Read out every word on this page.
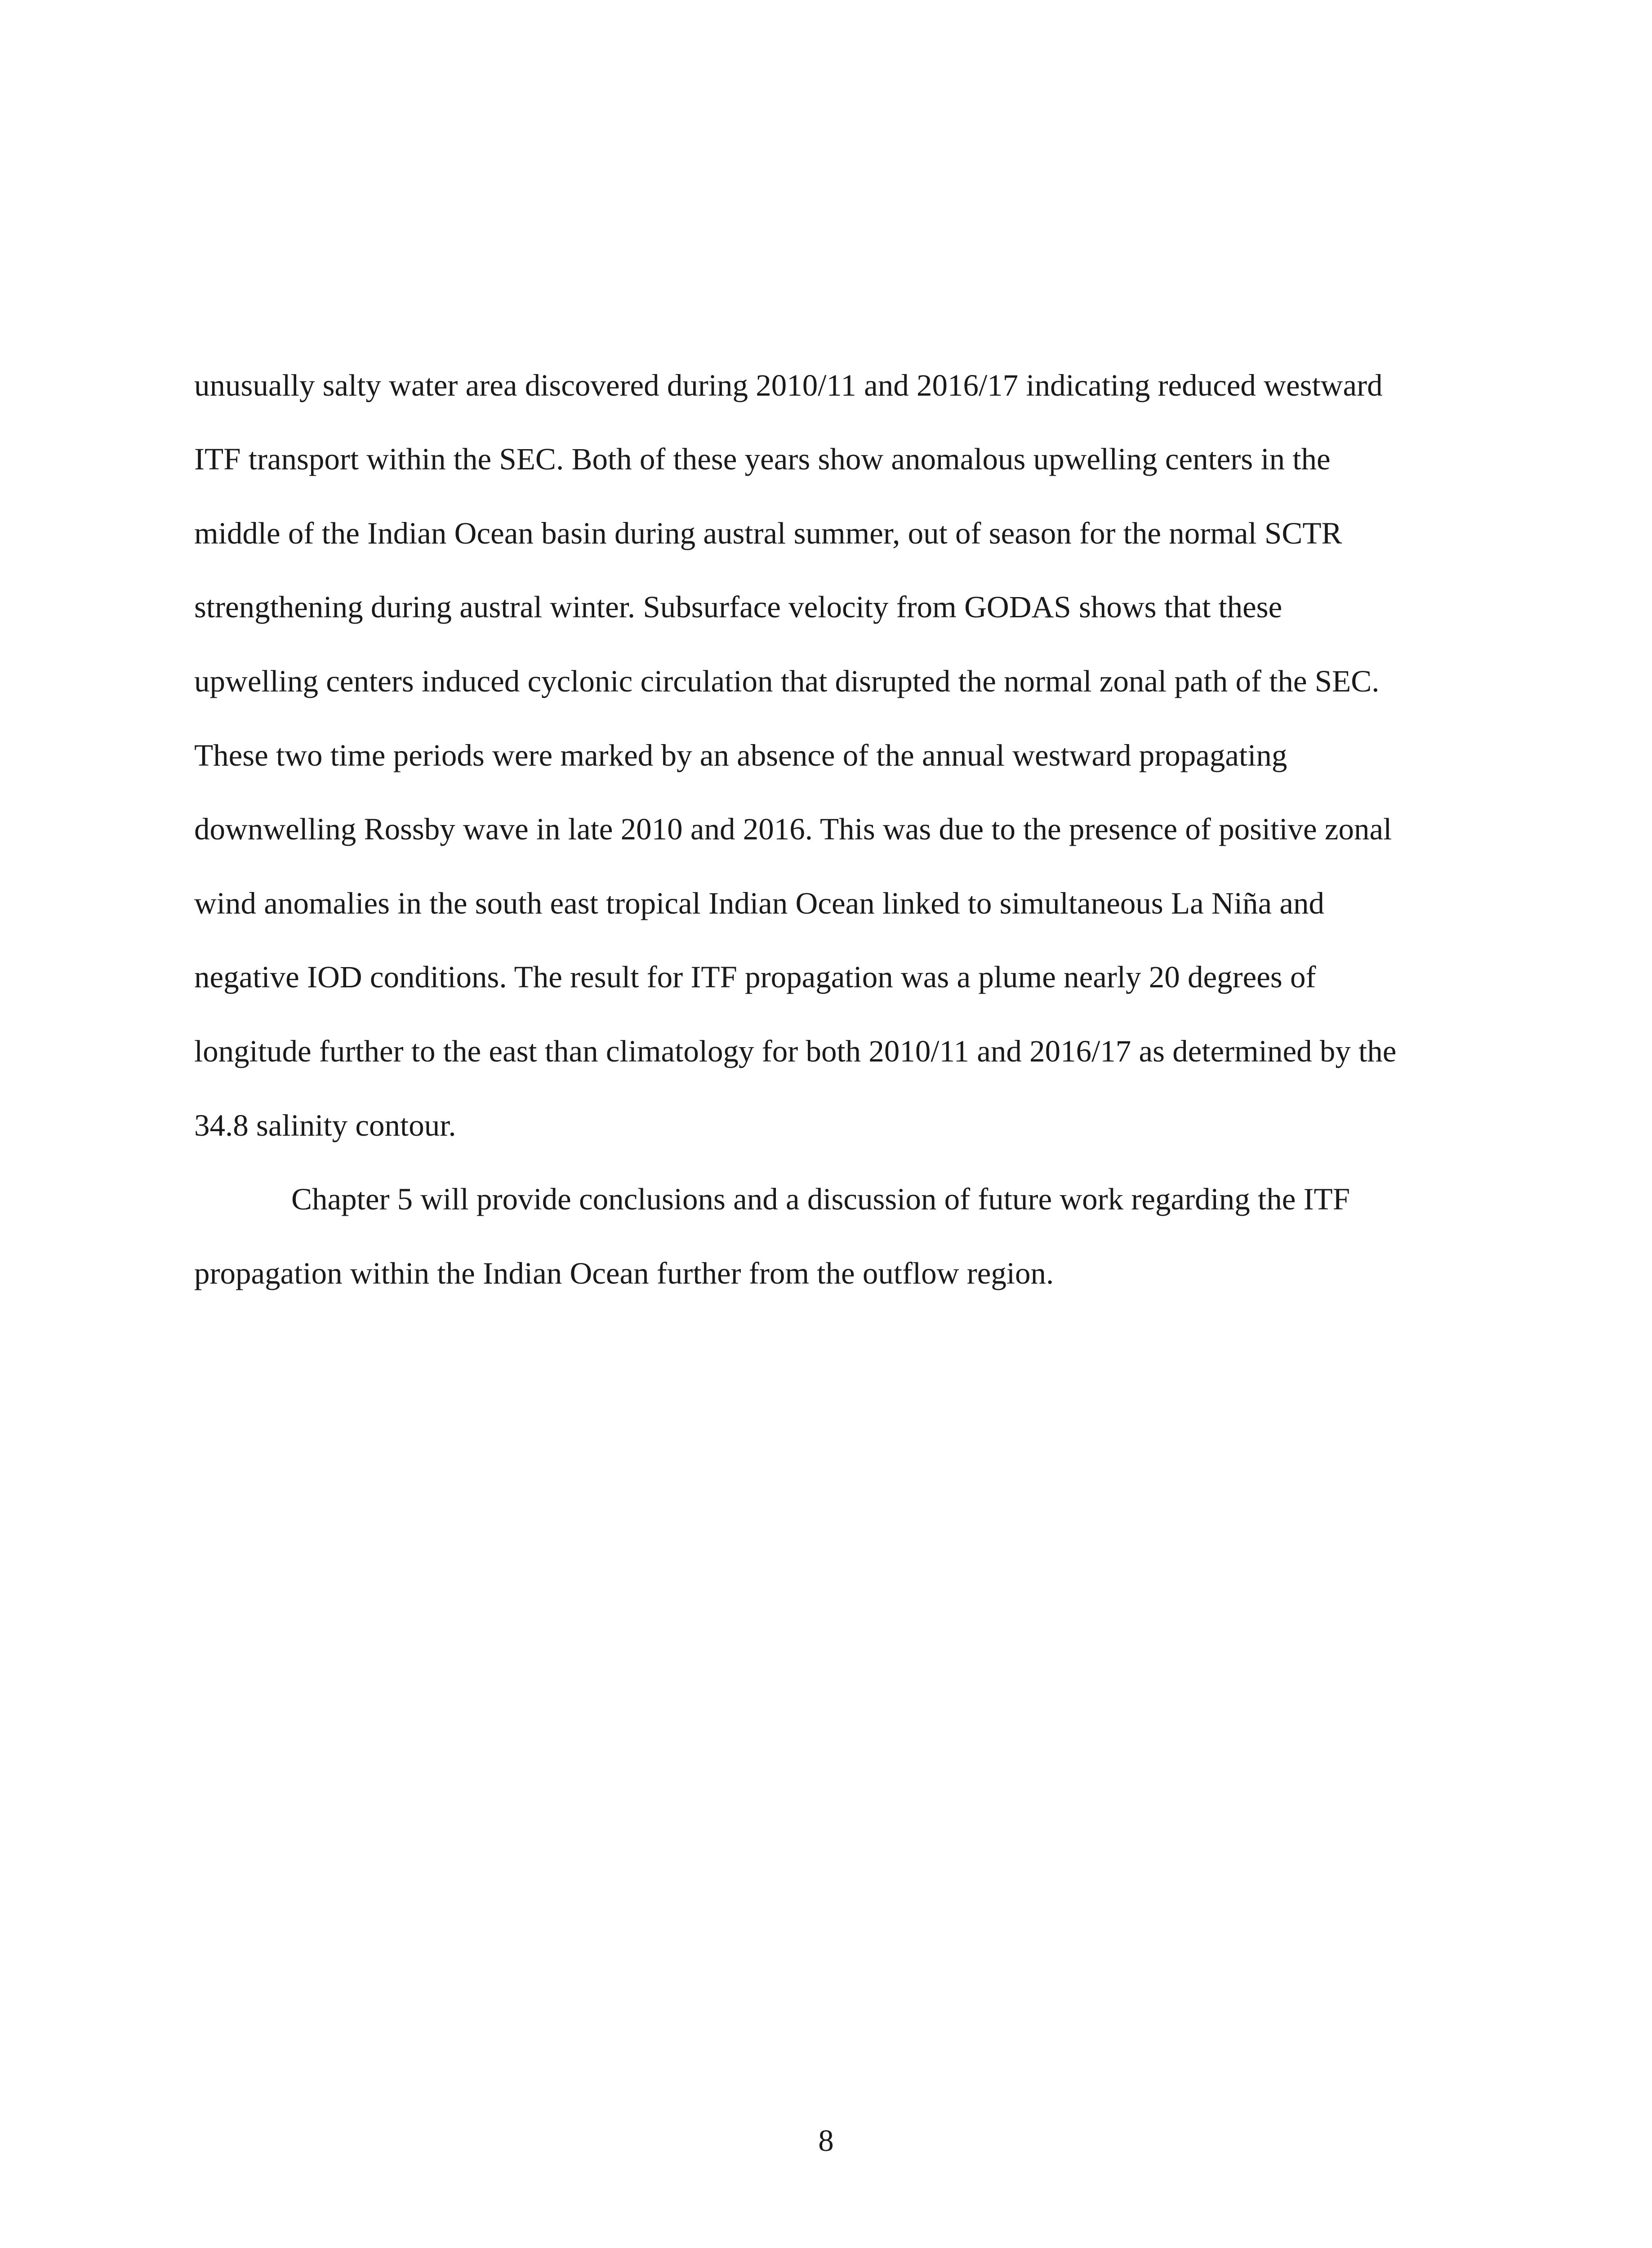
unusually salty water area discovered during 2010/11 and 2016/17 indicating reduced westward
ITF transport within the SEC. Both of these years show anomalous upwelling centers in the
middle of the Indian Ocean basin during austral summer, out of season for the normal SCTR
strengthening during austral winter. Subsurface velocity from GODAS shows that these
upwelling centers induced cyclonic circulation that disrupted the normal zonal path of the SEC.
These two time periods were marked by an absence of the annual westward propagating
downwelling Rossby wave in late 2010 and 2016. This was due to the presence of positive zonal
wind anomalies in the south east tropical Indian Ocean linked to simultaneous La Niña and
negative IOD conditions. The result for ITF propagation was a plume nearly 20 degrees of
longitude further to the east than climatology for both 2010/11 and 2016/17 as determined by the
34.8 salinity contour.
Chapter 5 will provide conclusions and a discussion of future work regarding the ITF
propagation within the Indian Ocean further from the outflow region.
8
